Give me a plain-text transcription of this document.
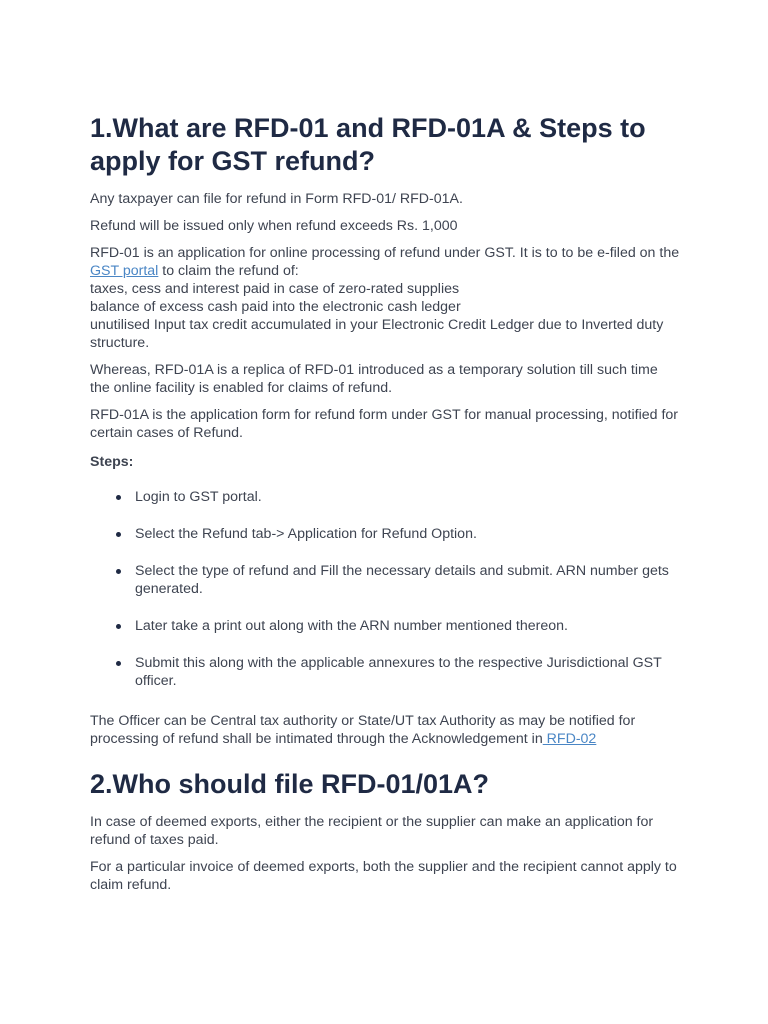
1.What are RFD-01 and RFD-01A & Steps to apply for GST refund?

Any taxpayer can file for refund in Form RFD-01/ RFD-01A.

Refund will be issued only when refund exceeds Rs. 1,000

RFD-01 is an application for online processing of refund under GST. It is to to be e-filed on the GST portal to claim the refund of:
taxes, cess and interest paid in case of zero-rated supplies
balance of excess cash paid into the electronic cash ledger
unutilised Input tax credit accumulated in your Electronic Credit Ledger due to Inverted duty structure.

Whereas, RFD-01A is a replica of RFD-01 introduced as a temporary solution till such time the online facility is enabled for claims of refund.

RFD-01A is the application form for refund form under GST for manual processing, notified for certain cases of Refund.

Steps:
Login to GST portal.
Select the Refund tab-> Application for Refund Option.
Select the type of refund and Fill the necessary details and submit. ARN number gets generated.
Later take a print out along with the ARN number mentioned thereon.
Submit this along with the applicable annexures to the respective Jurisdictional GST officer.

The Officer can be Central tax authority or State/UT tax Authority as may be notified for processing of refund shall be intimated through the Acknowledgement in RFD-02

2.Who should file RFD-01/01A?

In case of deemed exports, either the recipient or the supplier can make an application for refund of taxes paid.

For a particular invoice of deemed exports, both the supplier and the recipient cannot apply to claim refund.
